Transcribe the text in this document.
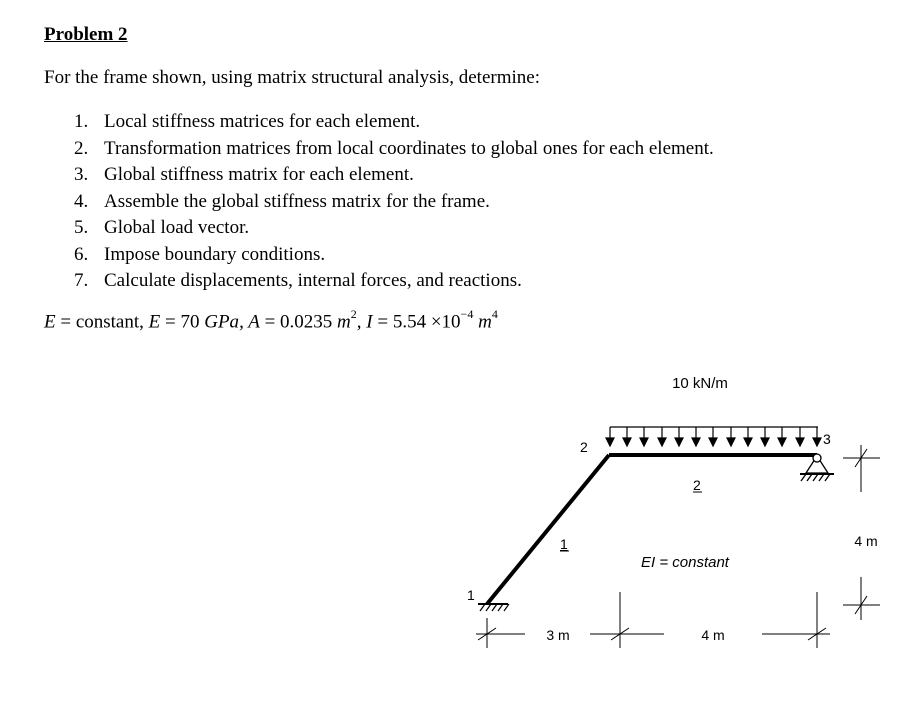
Problem 2
For the frame shown, using matrix structural analysis, determine:
1. Local stiffness matrices for each element.
2. Transformation matrices from local coordinates to global ones for each element.
3. Global stiffness matrix for each element.
4. Assemble the global stiffness matrix for the frame.
5. Global load vector.
6. Impose boundary conditions.
7. Calculate displacements, internal forces, and reactions.
E = constant, E = 70 GPa, A = 0.0235 $m^2$, $I = 5.54 \times 10^{-4}$ $m^4$
10 kN/m
1
2	3
1
2
EI = constant
3 m	4 m
4 m
